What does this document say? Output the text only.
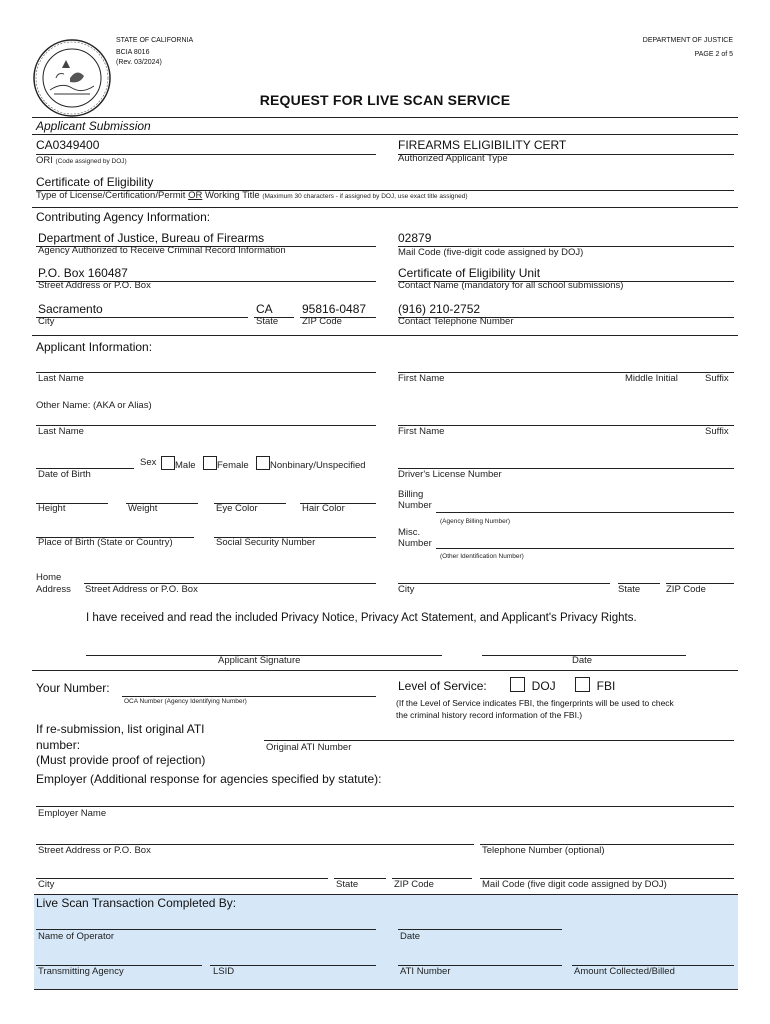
STATE OF CALIFORNIA
BCIA 8016
(Rev. 03/2024)
DEPARTMENT OF JUSTICE
PAGE 2 of 5
REQUEST FOR LIVE SCAN SERVICE
Applicant Submission
CA0349400
ORI (Code assigned by DOJ)
FIREARMS ELIGIBILITY CERT
Authorized Applicant Type
Certificate of Eligibility
Type of License/Certification/Permit OR Working Title (Maximum 30 characters - if assigned by DOJ, use exact title assigned)
Contributing Agency Information:
Department of Justice, Bureau of Firearms
Agency Authorized to Receive Criminal Record Information
02879
Mail Code (five-digit code assigned by DOJ)
P.O. Box 160487
Street Address or P.O. Box
Certificate of Eligibility Unit
Contact Name (mandatory for all school submissions)
Sacramento
City
CA
State
95816-0487
ZIP Code
(916) 210-2752
Contact Telephone Number
Applicant Information:
Last Name	First Name	Middle Initial	Suffix
Other Name: (AKA or Alias)
Last Name	First Name	Suffix
Sex	Male	Female	Nonbinary/Unspecified
Date of Birth	Driver's License Number
Height	Weight	Eye Color	Hair Color
Billing
Number
(Agency Billing Number)
Place of Birth (State or Country)	Social Security Number
Misc.
Number
(Other Identification Number)
Home
Address Street Address or P.O. Box	City	State	ZIP Code
I have received and read the included Privacy Notice, Privacy Act Statement, and Applicant's Privacy Rights.
Applicant Signature	Date
Your Number:
OCA Number (Agency Identifying Number)
Level of Service:	DOJ	FBI
(If the Level of Service indicates FBI, the fingerprints will be used to check
the criminal history record information of the FBI.)
If re-submission, list original ATI
number:
(Must provide proof of rejection)
Original ATI Number
Employer (Additional response for agencies specified by statute):
Employer Name
Street Address or P.O. Box	Telephone Number (optional)
City	State	ZIP Code	Mail Code (five digit code assigned by DOJ)
Live Scan Transaction Completed By:
Name of Operator	Date
Transmitting Agency	LSID	ATI Number	Amount Collected/Billed
